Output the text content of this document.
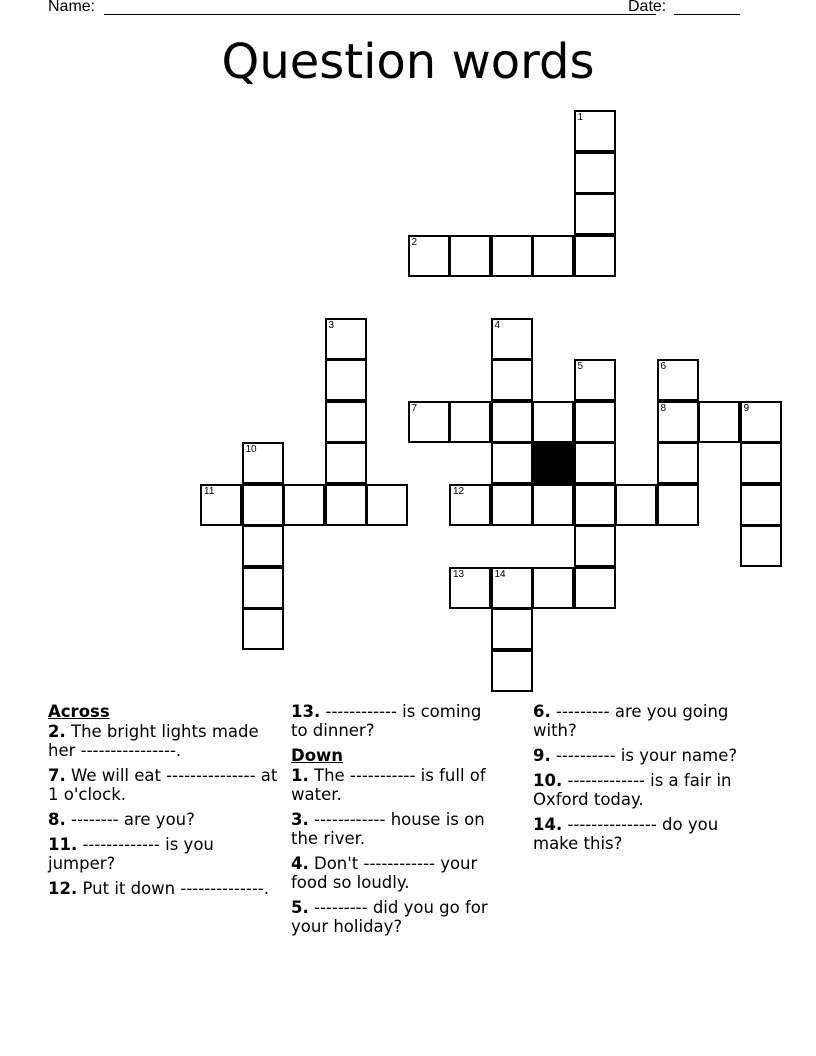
Name:	Date:
Question words
1
2
3	4
5	6
8
7	9
10
11	12
13	14
Across
2. The bright lights made her ----------------.
7. We will eat --------------- at 1 o'clock.
8. -------- are you?
11. ------------- is you jumper?
12. Put it down --------------.
13. ------------ is coming to dinner?
Down
1. The ----------- is full of water.
3. ------------ house is on the river.
4. Don't ------------ your food so loudly.
5. --------- did you go for your holiday?
6. --------- are you going with?
9. ---------- is your name?
10. ------------- is a fair in Oxford today.
14. --------------- do you make this?
